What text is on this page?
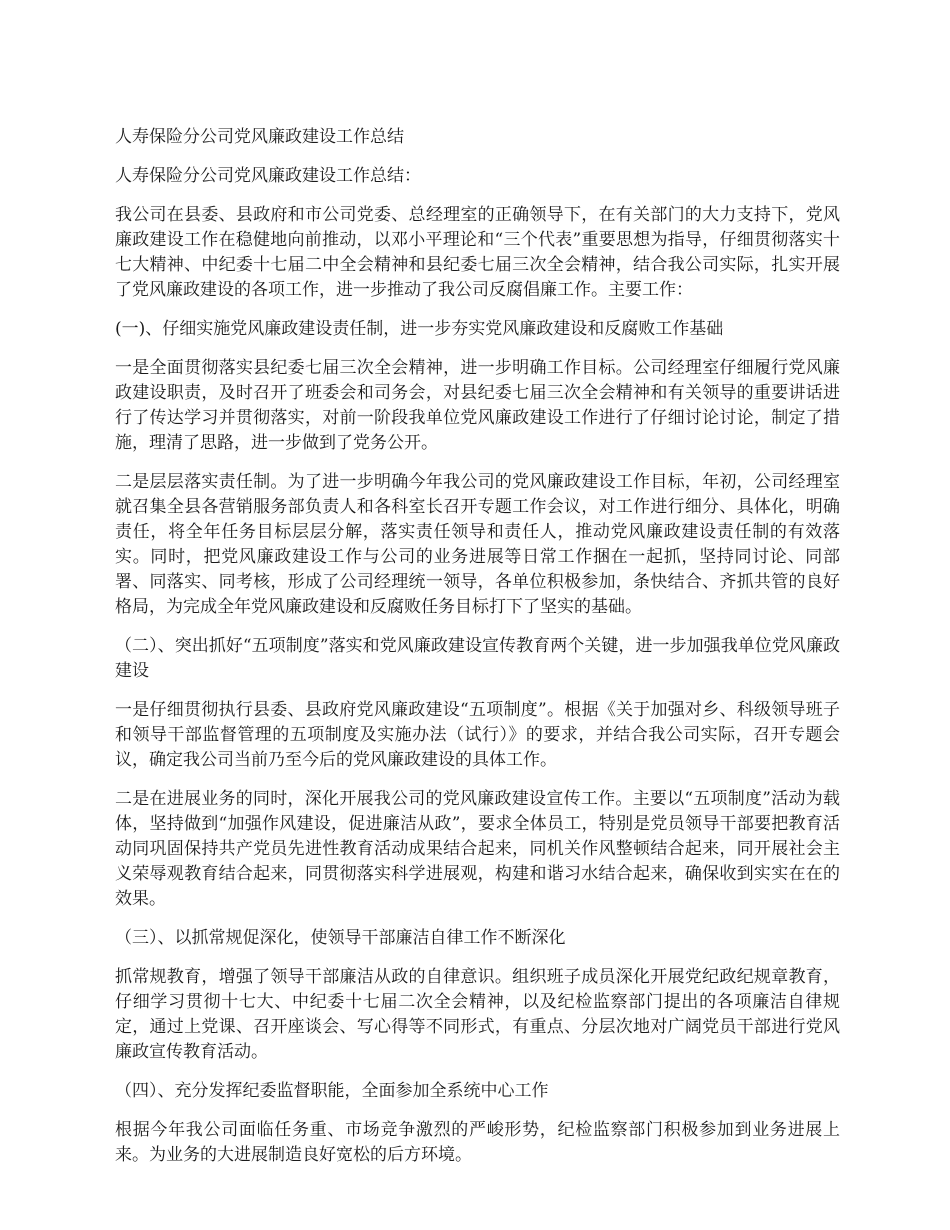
人寿保险分公司党风廉政建设工作总结

人寿保险分公司党风廉政建设工作总结：

我公司在县委、县政府和市公司党委、总经理室的正确领导下，在有关部门的大力支持下，党风廉政建设工作在稳健地向前推动，以邓小平理论和“三个代表”重要思想为指导，仔细贯彻落实十七大精神、中纪委十七届二中全会精神和县纪委七届三次全会精神，结合我公司实际，扎实开展了党风廉政建设的各项工作，进一步推动了我公司反腐倡廉工作。主要工作：

(一)、仔细实施党风廉政建设责任制，进一步夯实党风廉政建设和反腐败工作基础

一是全面贯彻落实县纪委七届三次全会精神，进一步明确工作目标。公司经理室仔细履行党风廉政建设职责，及时召开了班委会和司务会，对县纪委七届三次全会精神和有关领导的重要讲话进行了传达学习并贯彻落实，对前一阶段我单位党风廉政建设工作进行了仔细讨论讨论，制定了措施，理清了思路，进一步做到了党务公开。

二是层层落实责任制。为了进一步明确今年我公司的党风廉政建设工作目标，年初，公司经理室就召集全县各营销服务部负责人和各科室长召开专题工作会议，对工作进行细分、具体化，明确责任，将全年任务目标层层分解，落实责任领导和责任人，推动党风廉政建设责任制的有效落实。同时，把党风廉政建设工作与公司的业务进展等日常工作捆在一起抓，坚持同讨论、同部署、同落实、同考核，形成了公司经理统一领导，各单位积极参加，条快结合、齐抓共管的良好格局，为完成全年党风廉政建设和反腐败任务目标打下了坚实的基础。

（二）、突出抓好“五项制度”落实和党风廉政建设宣传教育两个关键，进一步加强我单位党风廉政建设

一是仔细贯彻执行县委、县政府党风廉政建设“五项制度”。根据《关于加强对乡、科级领导班子和领导干部监督管理的五项制度及实施办法（试行）》的要求，并结合我公司实际，召开专题会议，确定我公司当前乃至今后的党风廉政建设的具体工作。

二是在进展业务的同时，深化开展我公司的党风廉政建设宣传工作。主要以“五项制度”活动为载体，坚持做到“加强作风建设，促进廉洁从政”，要求全体员工，特别是党员领导干部要把教育活动同巩固保持共产党员先进性教育活动成果结合起来，同机关作风整顿结合起来，同开展社会主义荣辱观教育结合起来，同贯彻落实科学进展观，构建和谐习水结合起来，确保收到实实在在的效果。

（三）、以抓常规促深化，使领导干部廉洁自律工作不断深化

抓常规教育，增强了领导干部廉洁从政的自律意识。组织班子成员深化开展党纪政纪规章教育，仔细学习贯彻十七大、中纪委十七届二次全会精神，以及纪检监察部门提出的各项廉洁自律规定，通过上党课、召开座谈会、写心得等不同形式，有重点、分层次地对广阔党员干部进行党风廉政宣传教育活动。

（四）、充分发挥纪委监督职能，全面参加全系统中心工作

根据今年我公司面临任务重、市场竞争激烈的严峻形势，纪检监察部门积极参加到业务进展上来。为业务的大进展制造良好宽松的后方环境。
